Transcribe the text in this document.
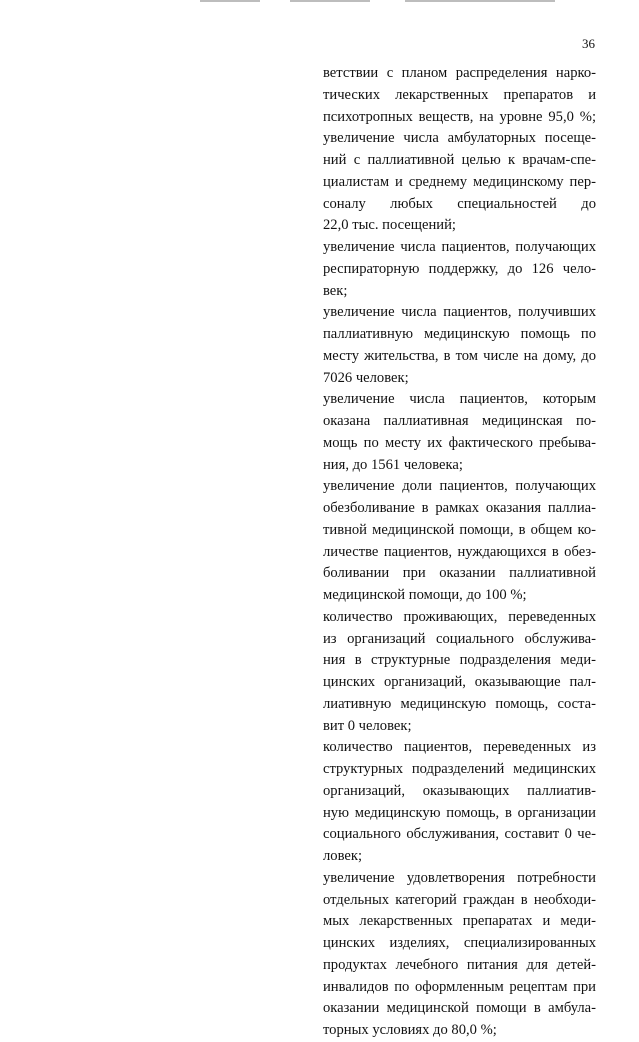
36
ветствии с планом распределения нарко-
тических лекарственных препаратов и
психотропных веществ, на уровне 95,0 %;
увеличение числа амбулаторных посеще-
ний с паллиативной целью к врачам-спе-
циалистам и среднему медицинскому пер-
соналу любых специальностей до
22,0 тыс. посещений;
увеличение числа пациентов, получающих
респираторную поддержку, до 126 чело-
век;
увеличение числа пациентов, получивших
паллиативную медицинскую помощь по
месту жительства, в том числе на дому, до
7026 человек;
увеличение числа пациентов, которым
оказана паллиативная медицинская по-
мощь по месту их фактического пребыва-
ния, до 1561 человека;
увеличение доли пациентов, получающих
обезболивание в рамках оказания паллиа-
тивной медицинской помощи, в общем ко-
личестве пациентов, нуждающихся в обез-
боливании при оказании паллиативной
медицинской помощи, до 100 %;
количество проживающих, переведенных
из организаций социального обслужива-
ния в структурные подразделения меди-
цинских организаций, оказывающие пал-
лиативную медицинскую помощь, соста-
вит 0 человек;
количество пациентов, переведенных из
структурных подразделений медицинских
организаций, оказывающих паллиатив-
ную медицинскую помощь, в организации
социального обслуживания, составит 0 че-
ловек;
увеличение удовлетворения потребности
отдельных категорий граждан в необходи-
мых лекарственных препаратах и меди-
цинских изделиях, специализированных
продуктах лечебного питания для детей-
инвалидов по оформленным рецептам при
оказании медицинской помощи в амбула-
торных условиях до 80,0 %;
